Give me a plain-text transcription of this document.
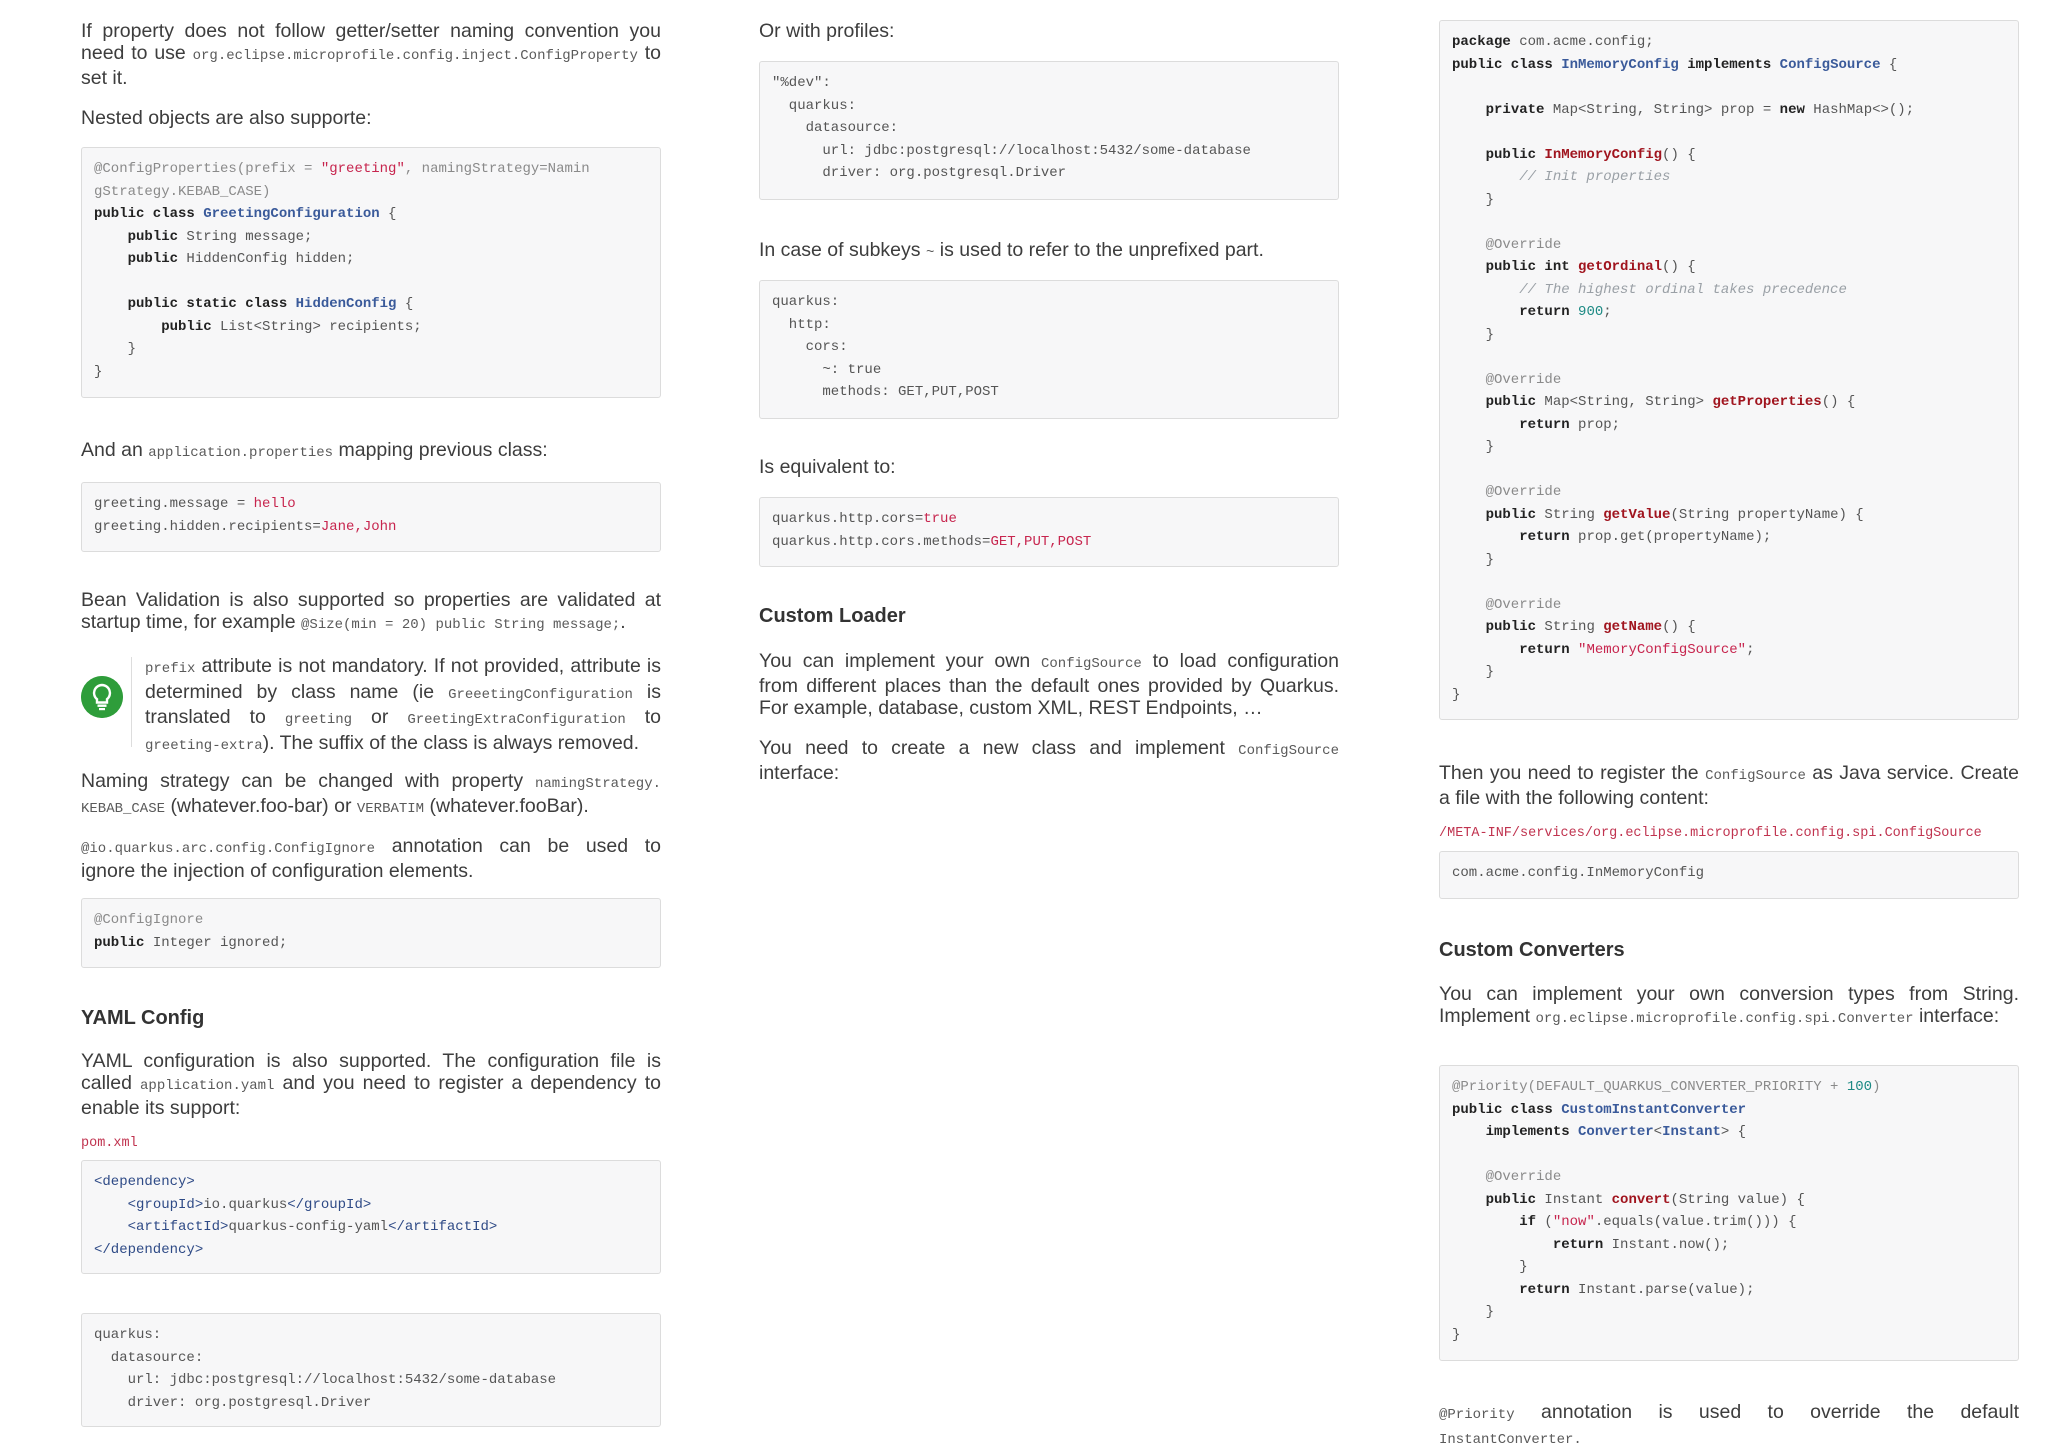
If property does not follow getter/setter naming convention you need to use org.eclipse.microprofile.config.inject.ConfigProperty to set it.

Nested objects are also supporte:

@ConfigProperties(prefix = "greeting", namingStrategy=Namin
gStrategy.KEBAB_CASE)
public class GreetingConfiguration {
public String message;
public HiddenConfig hidden;

public static class HiddenConfig {
public List<String> recipients;
}
}

And an application.properties mapping previous class:

greeting.message = hello
greeting.hidden.recipients=Jane,John

Bean Validation is also supported so properties are validated at startup time, for example @Size(min = 20) public String message;.

prefix attribute is not mandatory. If not provided, attribute is determined by class name (ie GreeetingConfiguration is translated to greeting or GreetingExtraConfiguration to greeting-extra). The suffix of the class is always removed.

Naming strategy can be changed with property namingStrategy. KEBAB_CASE (whatever.foo-bar) or VERBATIM (whatever.fooBar).

@io.quarkus.arc.config.ConfigIgnore annotation can be used to ignore the injection of configuration elements.

@ConfigIgnore
public Integer ignored;
YAML Config

YAML configuration is also supported. The configuration file is called application.yaml and you need to register a dependency to enable its support:

pom.xml
<dependency>
<groupId>io.quarkus</groupId>
<artifactId>quarkus-config-yaml</artifactId>
</dependency>
quarkus:
datasource:
url: jdbc:postgresql://localhost:5432/some-database
driver: org.postgresql.Driver

Or with profiles:

"%dev":
quarkus:
datasource:
url: jdbc:postgresql://localhost:5432/some-database
driver: org.postgresql.Driver

In case of subkeys ~ is used to refer to the unprefixed part.

quarkus:
http:
cors:
~: true
methods: GET,PUT,POST

Is equivalent to:

quarkus.http.cors=true
quarkus.http.cors.methods=GET,PUT,POST
Custom Loader

You can implement your own ConfigSource to load configuration from different places than the default ones provided by Quarkus. For example, database, custom XML, REST Endpoints, …

You need to create a new class and implement ConfigSource interface:

package com.acme.config;
public class InMemoryConfig implements ConfigSource {

private Map<String, String> prop = new HashMap<>();

public InMemoryConfig() {
// Init properties
}

@Override
public int getOrdinal() {
// The highest ordinal takes precedence
return 900;
}

@Override
public Map<String, String> getProperties() {
return prop;
}

@Override
public String getValue(String propertyName) {
return prop.get(propertyName);
}

@Override
public String getName() {
return "MemoryConfigSource";
}
}

Then you need to register the ConfigSource as Java service. Create a file with the following content:

/META-INF/services/org.eclipse.microprofile.config.spi.ConfigSource
com.acme.config.InMemoryConfig
Custom Converters

You can implement your own conversion types from String. Implement org.eclipse.microprofile.config.spi.Converter interface:

@Priority(DEFAULT_QUARKUS_CONVERTER_PRIORITY + 100)
public class CustomInstantConverter
implements Converter<Instant> {

@Override
public Instant convert(String value) {
if ("now".equals(value.trim())) {
return Instant.now();
}
return Instant.parse(value);
}
}

@Priority annotation is used to override the default InstantConverter.
